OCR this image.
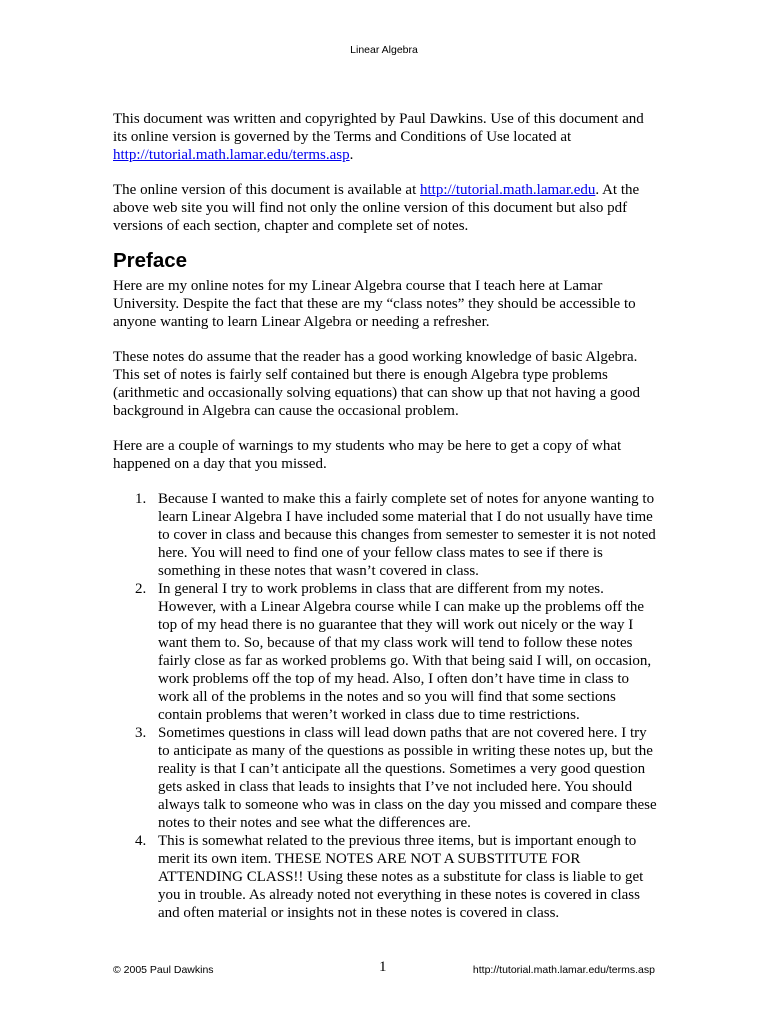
Linear Algebra

This document was written and copyrighted by Paul Dawkins. Use of this document and its online version is governed by the Terms and Conditions of Use located at http://tutorial.math.lamar.edu/terms.asp.

The online version of this document is available at http://tutorial.math.lamar.edu. At the above web site you will find not only the online version of this document but also pdf versions of each section, chapter and complete set of notes.

Preface

Here are my online notes for my Linear Algebra course that I teach here at Lamar University. Despite the fact that these are my “class notes” they should be accessible to anyone wanting to learn Linear Algebra or needing a refresher.

These notes do assume that the reader has a good working knowledge of basic Algebra. This set of notes is fairly self contained but there is enough Algebra type problems (arithmetic and occasionally solving equations) that can show up that not having a good background in Algebra can cause the occasional problem.

Here are a couple of warnings to my students who may be here to get a copy of what happened on a day that you missed.

1. Because I wanted to make this a fairly complete set of notes for anyone wanting to learn Linear Algebra I have included some material that I do not usually have time to cover in class and because this changes from semester to semester it is not noted here. You will need to find one of your fellow class mates to see if there is something in these notes that wasn’t covered in class.
2. In general I try to work problems in class that are different from my notes. However, with a Linear Algebra course while I can make up the problems off the top of my head there is no guarantee that they will work out nicely or the way I want them to. So, because of that my class work will tend to follow these notes fairly close as far as worked problems go. With that being said I will, on occasion, work problems off the top of my head. Also, I often don’t have time in class to work all of the problems in the notes and so you will find that some sections contain problems that weren’t worked in class due to time restrictions.
3. Sometimes questions in class will lead down paths that are not covered here. I try to anticipate as many of the questions as possible in writing these notes up, but the reality is that I can’t anticipate all the questions. Sometimes a very good question gets asked in class that leads to insights that I’ve not included here. You should always talk to someone who was in class on the day you missed and compare these notes to their notes and see what the differences are.
4. This is somewhat related to the previous three items, but is important enough to merit its own item. THESE NOTES ARE NOT A SUBSTITUTE FOR ATTENDING CLASS!! Using these notes as a substitute for class is liable to get you in trouble. As already noted not everything in these notes is covered in class and often material or insights not in these notes is covered in class.
© 2005 Paul Dawkins	1	http://tutorial.math.lamar.edu/terms.asp
